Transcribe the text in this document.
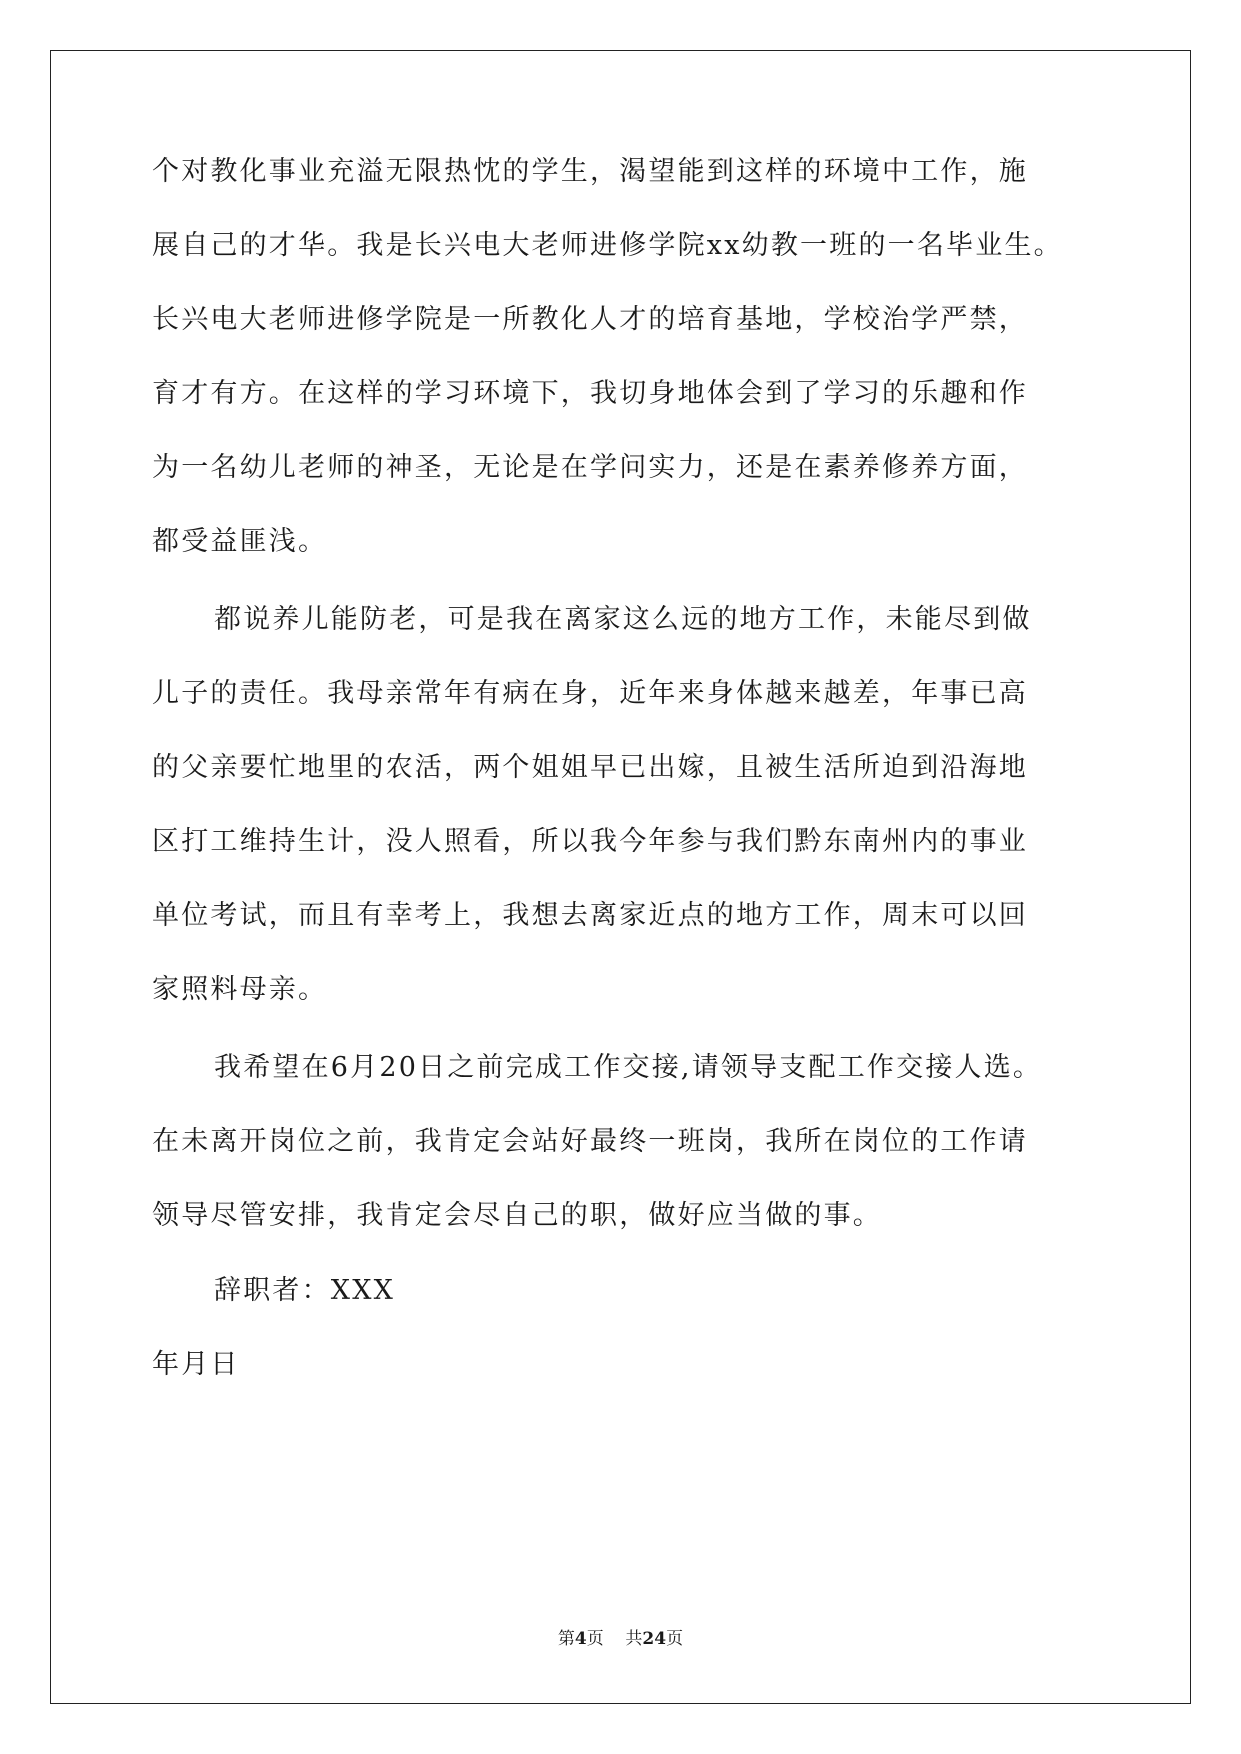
个对教化事业充溢无限热忱的学生，渴望能到这样的环境中工作，施
展自己的才华。我是长兴电大老师进修学院xx幼教一班的一名毕业生。
长兴电大老师进修学院是一所教化人才的培育基地，学校治学严禁，
育才有方。在这样的学习环境下，我切身地体会到了学习的乐趣和作
为一名幼儿老师的神圣，无论是在学问实力，还是在素养修养方面，
都受益匪浅。
都说养儿能防老，可是我在离家这么远的地方工作，未能尽到做
儿子的责任。我母亲常年有病在身，近年来身体越来越差，年事已高
的父亲要忙地里的农活，两个姐姐早已出嫁，且被生活所迫到沿海地
区打工维持生计，没人照看，所以我今年参与我们黔东南州内的事业
单位考试，而且有幸考上，我想去离家近点的地方工作，周末可以回
家照料母亲。
我希望在6月20日之前完成工作交接,请领导支配工作交接人选。
在未离开岗位之前，我肯定会站好最终一班岗，我所在岗位的工作请
领导尽管安排，我肯定会尽自己的职，做好应当做的事。
辞职者：XXX
年月日
第4页 共24页
